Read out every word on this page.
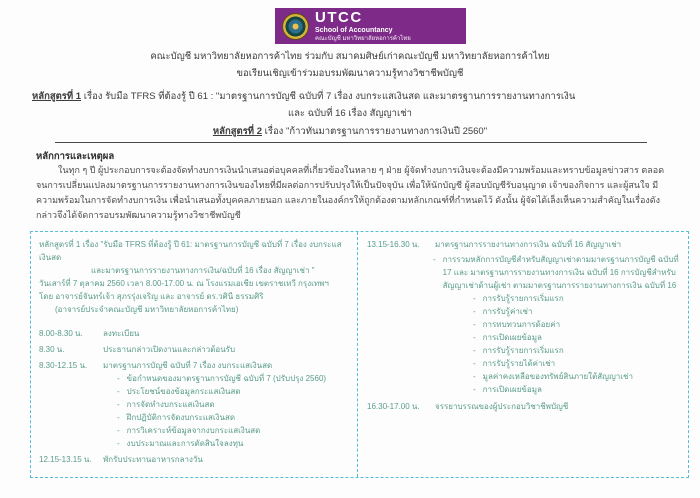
UTCC
School of Accountancy
คณะบัญชี มหาวิทยาลัยหอการค้าไทย
คณะบัญชี มหาวิทยาลัยหอการค้าไทย ร่วมกับ สมาคมศิษย์เก่าคณะบัญชี มหาวิทยาลัยหอการค้าไทย
ขอเรียนเชิญเข้าร่วมอบรมพัฒนาความรู้ทางวิชาชีพบัญชี
หลักสูตรที่ 1 เรื่อง รับมือ TFRS ที่ต้องรู้ ปี 61 : "มาตรฐานการบัญชี ฉบับที่ 7 เรื่อง งบกระแสเงินสด และมาตรฐานการรายงานทางการเงิน
และ ฉบับที่ 16 เรื่อง สัญญาเช่า
หลักสูตรที่ 2 เรื่อง "ก้าวทันมาตรฐานการรายงานทางการเงินปี 2560"
หลักการและเหตุผล
ในทุก ๆ ปี ผู้ประกอบการจะต้องจัดทำงบการเงินนำเสนอต่อบุคคลที่เกี่ยวข้องในหลาย ๆ ฝ่าย ผู้จัดทำงบการเงินจะต้องมีความพร้อมและทราบข้อมูลข่าวสาร ตลอดจนการเปลี่ยนแปลงมาตรฐานการรายงานทางการเงินของไทยที่มีผลต่อการปรับปรุงให้เป็นปัจจุบัน เพื่อให้นักบัญชี ผู้สอบบัญชีรับอนุญาต เจ้าของกิจการ และผู้สนใจ มีความพร้อมในการจัดทำงบการเงิน เพื่อนำเสนอทั้งบุคคลภายนอก และภายในองค์กรให้ถูกต้องตามหลักเกณฑ์ที่กำหนดไว้ ดังนั้น ผู้จัดได้เล็งเห็นความสำคัญในเรื่องดังกล่าวจึงได้จัดการอบรมพัฒนาความรู้ทางวิชาชีพบัญชี
หลักสูตรที่ 1 เรื่อง "รับมือ TFRS ที่ต้องรู้ ปี 61: มาตรฐานการบัญชี ฉบับที่ 7 เรื่อง งบกระแสเงินสด
และมาตรฐานการรายงานทางการเงิน/ฉบับที่ 16 เรื่อง สัญญาเช่า "
วันเสาร์ที่ 7 ตุลาคม 2560 เวลา 8.00-17.00 น. ณ โรงแรมเอเชีย เขตราชเทวี กรุงเทพฯ
โดย อาจารย์จันทร์เจ้า สุภรรุ่งเจริญ และ อาจารย์ ดร.วศินี ธรรมศิริ
(อาจารย์ประจำคณะบัญชี มหาวิทยาลัยหอการค้าไทย)
8.00-8.30 น.	ลงทะเบียน
8.30 น.	ประธานกล่าวเปิดงานและกล่าวต้อนรับ
8.30-12.15 น.	มาตรฐานการบัญชี ฉบับที่ 7 เรื่อง งบกระแสเงินสด
- ข้อกำหนดของมาตรฐานการบัญชี ฉบับที่ 7 (ปรับปรุง 2560)
- ประโยชน์ของข้อมูลกระแสเงินสด
- การจัดทำงบกระแสเงินสด
- ฝึกปฏิบัติการจัดงบกระแสเงินสด
- การวิเคราะห์ข้อมูลจากงบกระแสเงินสด
- งบประมาณและการตัดสินใจลงทุน
12.15-13.15 น.	พักรับประทานอาหารกลางวัน
13.15-16.30 น.	มาตรฐานการรายงานทางการเงิน ฉบับที่ 16 สัญญาเช่า
- การรวมหลักการบัญชีสำหรับสัญญาเช่าตามมาตรฐานการบัญชี ฉบับที่ 17 และ มาตรฐานการรายงานทางการเงิน ฉบับที่ 16 การบัญชีสำหรับสัญญาเช่าด้านผู้เช่า ตามมาตรฐานการรายงานทางการเงิน ฉบับที่ 16
- การรับรู้รายการเริ่มแรก
- การรับรู้ค่าเช่า
- การทบทวนการด้อยค่า
- การเปิดเผยข้อมูล
- การรับรู้รายการเริ่มแรก
- การรับรู้รายได้ค่าเช่า
- มูลค่าคงเหลือของทรัพย์สินภายใต้สัญญาเช่า
- การเปิดเผยข้อมูล
16.30-17.00 น.	จรรยาบรรณของผู้ประกอบวิชาชีพบัญชี
